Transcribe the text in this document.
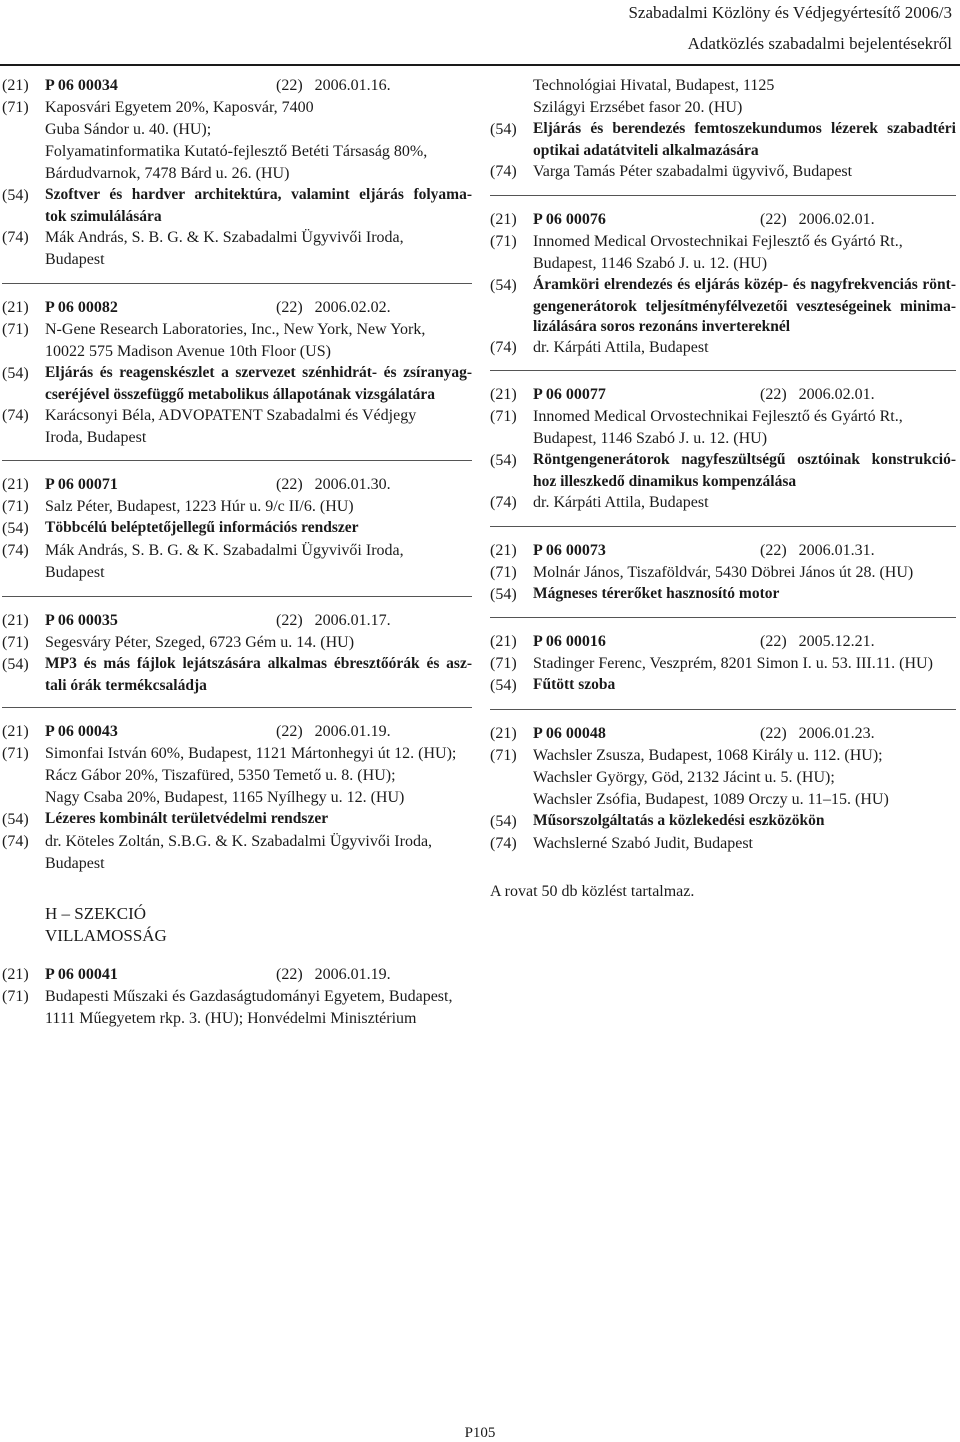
Szabadalmi Közlöny és Védjegyértesítő 2006/3
Adatközlés szabadalmi bejelentésekről
(21)	P 06 00034	(22) 2006.01.16.
(71)	Kaposvári Egyetem 20%, Kaposvár, 7400
Guba Sándor u. 40. (HU);
Folyamatinformatika Kutató-fejlesztő Betéti Társaság 80%,
Bárdudvarnok, 7478 Bárd u. 26. (HU)
(54)	Szoftver és hardver architektúra, valamint eljárás folyama-
tok szimulálására
(74)	Mák András, S. B. G. & K. Szabadalmi Ügyvivői Iroda,
Budapest
(21)	P 06 00082	(22) 2006.02.02.
(71)	N-Gene Research Laboratories, Inc., New York, New York,
10022 575 Madison Avenue 10th Floor (US)
(54)	Eljárás és reagenskészlet a szervezet szénhidrát- és zsíranyag-
cseréjével összefüggő metabolikus állapotának vizsgálatára
(74)	Karácsonyi Béla, ADVOPATENT Szabadalmi és Védjegy
Iroda, Budapest
(21)	P 06 00071	(22) 2006.01.30.
(71)	Salz Péter, Budapest, 1223 Húr u. 9/c II/6. (HU)
(54)	Többcélú beléptetőjellegű információs rendszer
(74)	Mák András, S. B. G. & K. Szabadalmi Ügyvivői Iroda,
Budapest
(21)	P 06 00035	(22) 2006.01.17.
(71)	Segesváry Péter, Szeged, 6723 Gém u. 14. (HU)
(54)	MP3 és más fájlok lejátszására alkalmas ébresztőórák és asz-
tali órák termékcsaládja
(21)	P 06 00043	(22) 2006.01.19.
(71)	Simonfai István 60%, Budapest, 1121 Mártonhegyi út 12. (HU);
Rácz Gábor 20%, Tiszafüred, 5350 Temető u. 8. (HU);
Nagy Csaba 20%, Budapest, 1165 Nyílhegy u. 12. (HU)
(54)	Lézeres kombinált területvédelmi rendszer
(74)	dr. Köteles Zoltán, S.B.G. & K. Szabadalmi Ügyvivői Iroda,
Budapest
H – SZEKCIÓ
VILLAMOSSÁG
(21)	P 06 00041	(22) 2006.01.19.
(71)	Budapesti Műszaki és Gazdaságtudományi Egyetem, Budapest,
1111 Műegyetem rkp. 3. (HU); Honvédelmi Minisztérium
Technológiai Hivatal, Budapest, 1125
Szilágyi Erzsébet fasor 20. (HU)
(54)	Eljárás és berendezés femtoszekundumos lézerek szabadtéri
optikai adatátviteli alkalmazására
(74)	Varga Tamás Péter szabadalmi ügyvivő, Budapest
(21)	P 06 00076	(22) 2006.02.01.
(71)	Innomed Medical Orvostechnikai Fejlesztő és Gyártó Rt.,
Budapest, 1146 Szabó J. u. 12. (HU)
(54)	Áramköri elrendezés és eljárás közép- és nagyfrekvenciás rönt-
gengenerátorok teljesítményfélvezetői veszteségeinek minima-
lizálására soros rezonáns invertereknél
(74)	dr. Kárpáti Attila, Budapest
(21)	P 06 00077	(22) 2006.02.01.
(71)	Innomed Medical Orvostechnikai Fejlesztő és Gyártó Rt.,
Budapest, 1146 Szabó J. u. 12. (HU)
(54)	Röntgengenerátorok nagyfeszültségű osztóinak konstrukció-
hoz illeszkedő dinamikus kompenzálása
(74)	dr. Kárpáti Attila, Budapest
(21)	P 06 00073	(22) 2006.01.31.
(71)	Molnár János, Tiszaföldvár, 5430 Döbrei János út 28. (HU)
(54)	Mágneses térerőket hasznosító motor
(21)	P 06 00016	(22) 2005.12.21.
(71)	Stadinger Ferenc, Veszprém, 8201 Simon I. u. 53. III.11. (HU)
(54)	Fűtött szoba
(21)	P 06 00048	(22) 2006.01.23.
(71)	Wachsler Zsusza, Budapest, 1068 Király u. 112. (HU);
Wachsler György, Göd, 2132 Jácint u. 5. (HU);
Wachsler Zsófia, Budapest, 1089 Orczy u. 11–15. (HU)
(54)	Műsorszolgáltatás a közlekedési eszközökön
(74)	Wachslerné Szabó Judit, Budapest
A rovat 50 db közlést tartalmaz.
P105
